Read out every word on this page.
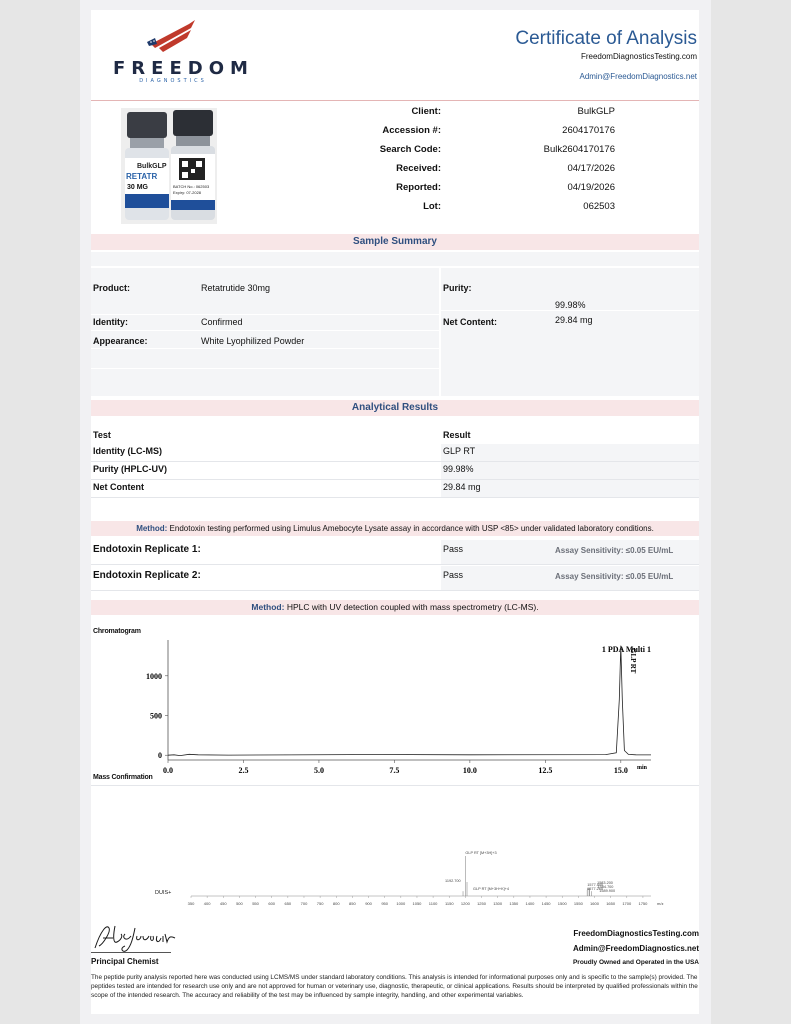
FREEDOM
DIAGNOSTICS
Certificate of Analysis
FreedomDiagnosticsTesting.com
Admin@FreedomDiagnostics.net
BulkGLP
RETATR
30 MG	BATCH No.: 062503
Expiry: 07-2028
Sample Summary
Product:	Retatrutide 30mg
Identity:	Confirmed
Appearance:	White Lyophilized Powder
Purity:
99.98%
Net Content:	29.84 mg
Analytical Results
Test	Result
Method: Endotoxin testing performed using Limulus Amebocyte Lysate assay in accordance with USP <85> under validated laboratory conditions.
Method: HPLC with UV detection coupled with mass spectrometry (LC-MS).
Chromatogram
0
500
1000
0.0	2.5	5.0	7.5	10.0	12.5	15.0 min
1 PDA Multi 1
GLP RT
Mass Confirmation
350 400 450 500 550 600 650 700 750 800 850 900 950 1000 1050 1100 1150 1200 1250 1300 1350 1400 1450 1500 1550 1600 1650 1700 1750 m/z
DUIS+
1192.700
GLP RT [M+3H]+3
GLP RT [M+3H+K]+4
1577.500
1577.260
1583.200
1584.700
1589.900
Alex Johnson
Principal Chemist
FreedomDiagnosticsTesting.com
Admin@FreedomDiagnostics.net
Proudly Owned and Operated in the USA
The peptide purity analysis reported here was conducted using LCMS/MS under standard laboratory conditions. This analysis is intended for informational purposes only and is specific to the sample(s) provided. The peptides tested are intended for research use only and are not approved for human or veterinary use, diagnostic, therapeutic, or clinical applications. Results should be interpreted by qualified professionals within the scope of the intended research. The accuracy and reliability of the test may be influenced by sample integrity, handling, and other experimental variables.
Client:	BulkGLP
Accession #:	2604170176
Search Code:	Bulk2604170176
Received:	04/17/2026
Reported:	04/19/2026
Lot:	062503
Identity (LC-MS)	GLP RT
Purity (HPLC-UV)	99.98%
Net Content	29.84 mg
Endotoxin Replicate 1:	Pass	Assay Sensitivity: ≤0.05 EU/mL
Endotoxin Replicate 2:	Pass	Assay Sensitivity: ≤0.05 EU/mL
